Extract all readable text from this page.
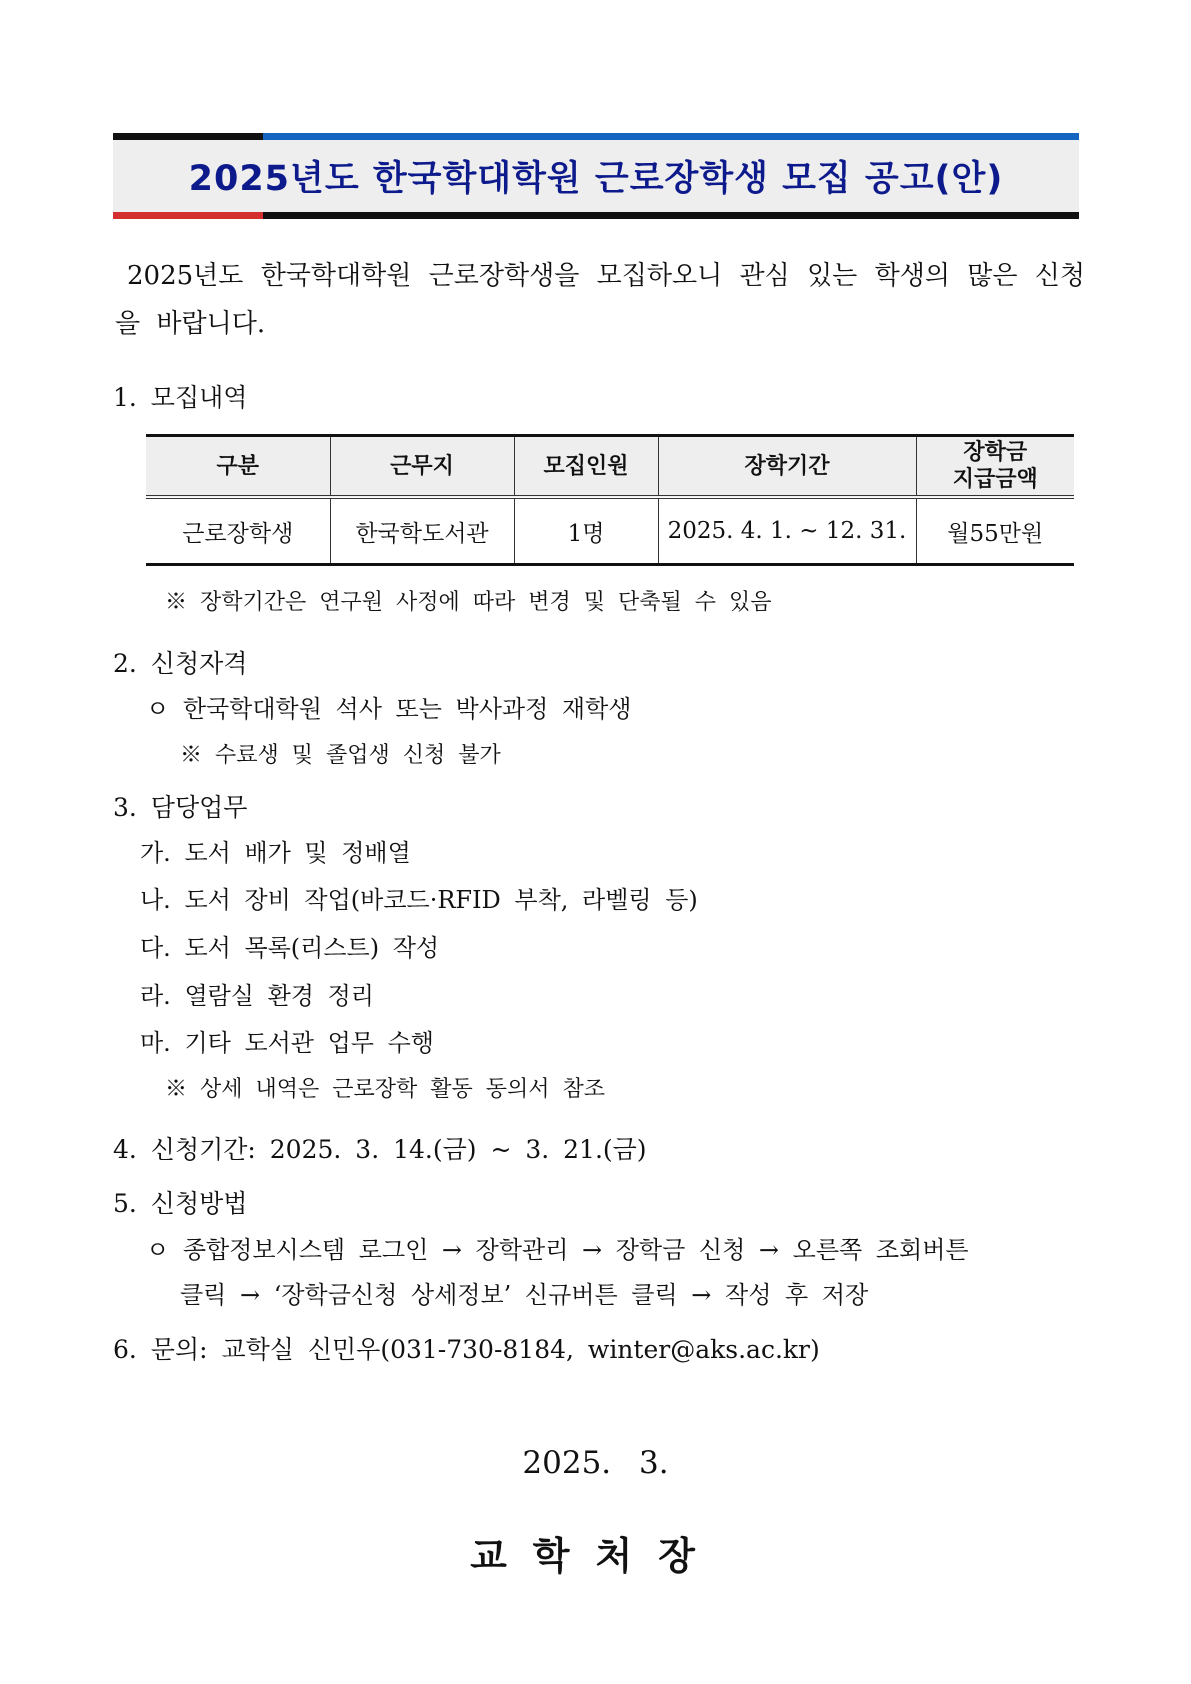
2025년도 한국학대학원 근로장학생 모집 공고(안)
2025년도 한국학대학원 근로장학생을 모집하오니 관심 있는 학생의 많은 신청을 바랍니다.
1. 모집내역
구분	근무지	모집인원	장학기간	장학금
지급금액

근로장학생	한국학도서관	1명	2025. 4. 1. ~ 12. 31.	월55만원
※ 장학기간은 연구원 사정에 따라 변경 및 단축될 수 있음
2. 신청자격
ㅇ 한국학대학원 석사 또는 박사과정 재학생
※ 수료생 및 졸업생 신청 불가
3. 담당업무
가. 도서 배가 및 정배열
나. 도서 장비 작업(바코드·RFID 부착, 라벨링 등)
다. 도서 목록(리스트) 작성
라. 열람실 환경 정리
마. 기타 도서관 업무 수행
※ 상세 내역은 근로장학 활동 동의서 참조
4. 신청기간: 2025. 3. 14.(금) ~ 3. 21.(금)
5. 신청방법
ㅇ 종합정보시스템 로그인 → 장학관리 → 장학금 신청 → 오른쪽 조회버튼
클릭 → ‘장학금신청 상세정보’ 신규버튼 클릭 → 작성 후 저장
6. 문의: 교학실 신민우(031-730-8184, winter@aks.ac.kr)
2025. 3.
교학처장
